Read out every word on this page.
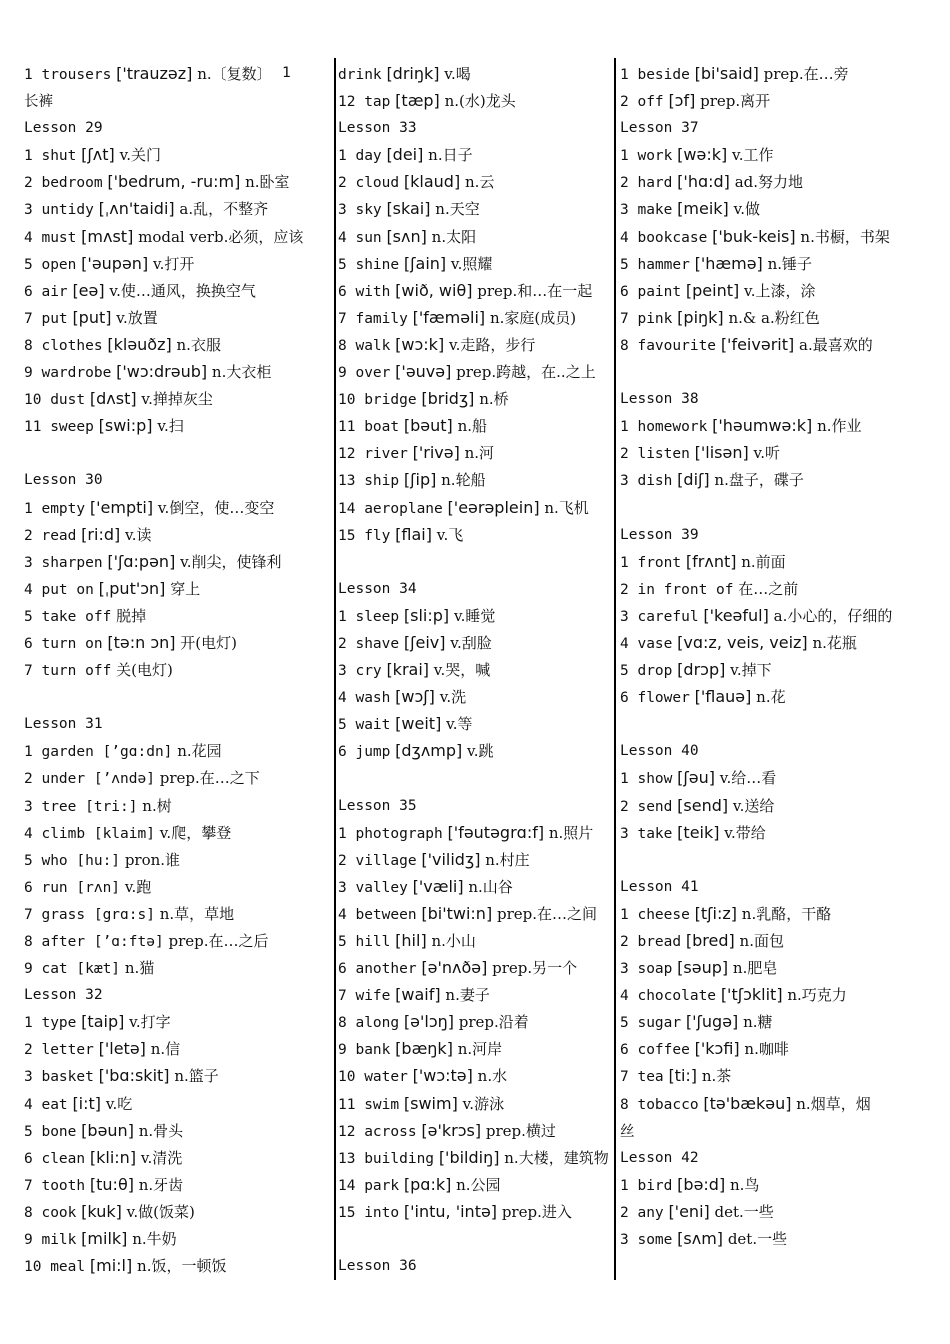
1 trousers ['trauzəz] n.〔复数〕
长裤
Lesson 29
1 shut [ʃʌt] v.关门
2 bedroom ['bedrum, -ru:m] n.卧室
3 untidy [ˌʌn'taidi] a.乱，不整齐
4 must [mʌst] modal verb.必须，应该
5 open ['əupən] v.打开
6 air [eə] v.使…通风，换换空气
7 put [put] v.放置
8 clothes [kləuðz] n.衣服
9 wardrobe ['wɔ:drəub] n.大衣柜
10 dust [dʌst] v.掸掉灰尘
11 sweep [swi:p] v.扫
Lesson 30
1 empty ['empti] v.倒空，使…变空
2 read [ri:d] v.读
3 sharpen ['ʃɑ:pən] v.削尖，使锋利
4 put on [ˌput'ɔn] 穿上
5 take off 脱掉
6 turn on [tə:n ɔn] 开(电灯)
7 turn off 关(电灯)
Lesson 31
1 garden [’gɑ:dn] n.花园
2 under [’ʌndə] prep.在…之下
3 tree [tri:] n.树
4 climb [klaim] v.爬，攀登
5 who [hu:] pron.谁
6 run [rʌn] v.跑
7 grass [grɑ:s] n.草，草地
8 after [’ɑ:ftə] prep.在…之后
9 cat [kæt] n.猫
Lesson 32
1 type [taip] v.打字
2 letter ['letə] n.信
3 basket ['bɑ:skit] n.篮子
4 eat [i:t] v.吃
5 bone [bəun] n.骨头
6 clean [kli:n] v.清洗
7 tooth [tu:θ] n.牙齿
8 cook [kuk] v.做(饭菜)
9 milk [milk] n.牛奶
10 meal [mi:l] n.饭，一顿饭
drink [driŋk] v.喝
12 tap [tæp] n.(水)龙头
Lesson 33
1 day [dei] n.日子
2 cloud [klaud] n.云
3 sky [skai] n.天空
4 sun [sʌn] n.太阳
5 shine [ʃain] v.照耀
6 with [wið, wiθ] prep.和…在一起
7 family ['fæməli] n.家庭(成员)
8 walk [wɔ:k] v.走路，步行
9 over ['əuvə] prep.跨越，在..之上
10 bridge [bridʒ] n.桥
11 boat [bəut] n.船
12 river ['rivə] n.河
13 ship [ʃip] n.轮船
14 aeroplane ['eərəplein] n.飞机
15 fly [flai] v.飞
Lesson 34
1 sleep [sli:p] v.睡觉
2 shave [ʃeiv] v.刮脸
3 cry [krai] v.哭，喊
4 wash [wɔʃ] v.洗
5 wait [weit] v.等
6 jump [dʒʌmp] v.跳
Lesson 35
1 photograph ['fəutəgrɑ:f] n.照片
2 village ['vilidʒ] n.村庄
3 valley ['væli] n.山谷
4 between [bi'twi:n] prep.在…之间
5 hill [hil] n.小山
6 another [ə'nʌðə] prep.另一个
7 wife [waif] n.妻子
8 along [ə'lɔŋ] prep.沿着
9 bank [bæŋk] n.河岸
10 water ['wɔ:tə] n.水
11 swim [swim] v.游泳
12 across [ə'krɔs] prep.横过
13 building ['bildiŋ] n.大楼，建筑物
14 park [pɑ:k] n.公园
15 into ['intu, 'intə] prep.进入
Lesson 36
1 beside [bi'said] prep.在…旁
2 off [ɔf] prep.离开
Lesson 37
1 work [wə:k] v.工作
2 hard ['hɑ:d] ad.努力地
3 make [meik] v.做
4 bookcase ['buk-keis] n.书橱，书架
5 hammer ['hæmə] n.锤子
6 paint [peint] v.上漆，涂
7 pink [piŋk] n.& a.粉红色
8 favourite ['feivərit] a.最喜欢的
Lesson 38
1 homework ['həumwə:k] n.作业
2 listen ['lisən] v.听
3 dish [diʃ] n.盘子，碟子
Lesson 39
1 front [frʌnt] n.前面
2 in front of 在…之前
3 careful ['keəful] a.小心的，仔细的
4 vase [vɑ:z, veis, veiz] n.花瓶
5 drop [drɔp] v.掉下
6 flower ['flauə] n.花
Lesson 40
1 show [ʃəu] v.给…看
2 send [send] v.送给
3 take [teik] v.带给
Lesson 41
1 cheese [tʃi:z] n.乳酪，干酪
2 bread [bred] n.面包
3 soap [səup] n.肥皂
4 chocolate ['tʃɔklit] n.巧克力
5 sugar ['ʃugə] n.糖
6 coffee ['kɔfi] n.咖啡
7 tea [ti:] n.茶
8 tobacco [tə'bækəu] n.烟草，烟
丝
Lesson 42
1 bird [bə:d] n.鸟
2 any ['eni] det.一些
3 some [sʌm] det.一些
1
